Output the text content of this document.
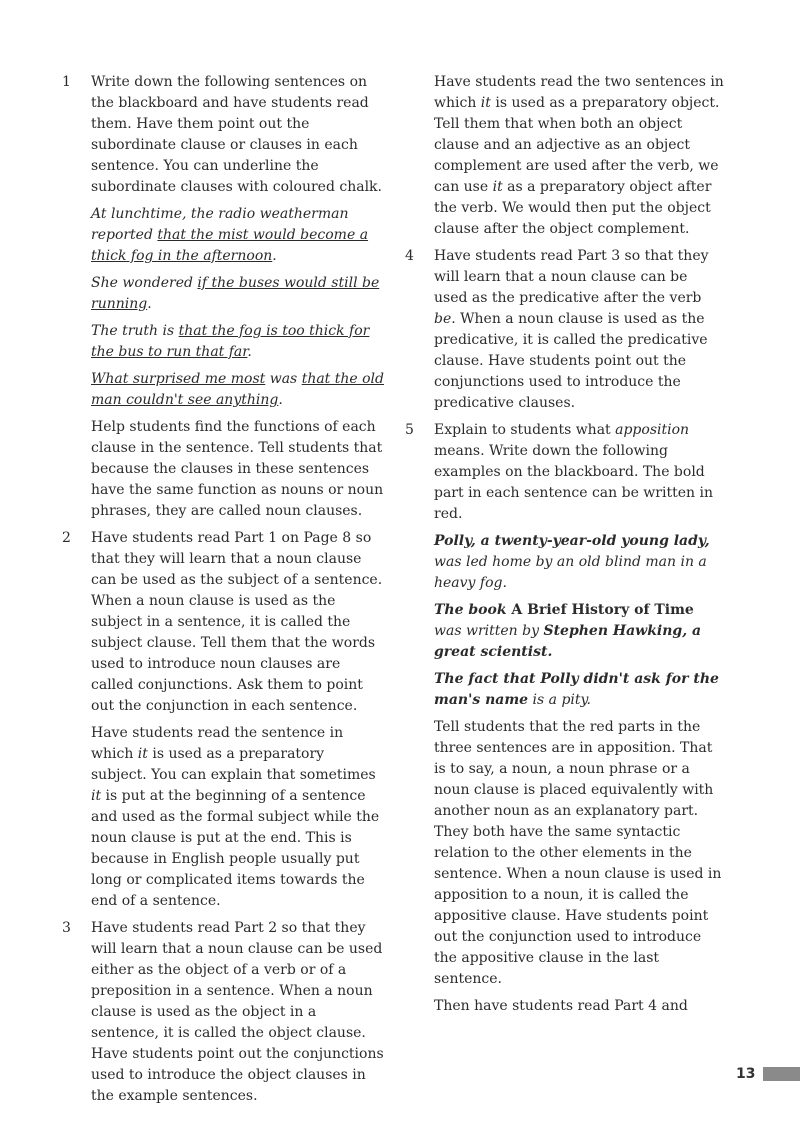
1 Write down the following sentences on the blackboard and have students read them. Have them point out the subordinate clause or clauses in each sentence. You can underline the subordinate clauses with coloured chalk.

At lunchtime, the radio weatherman reported that the mist would become a thick fog in the afternoon.

She wondered if the buses would still be running.

The truth is that the fog is too thick for the bus to run that far.

What surprised me most was that the old man couldn't see anything.

Help students find the functions of each clause in the sentence. Tell students that because the clauses in these sentences have the same function as nouns or noun phrases, they are called noun clauses.

2 Have students read Part 1 on Page 8 so that they will learn that a noun clause can be used as the subject of a sentence. When a noun clause is used as the subject in a sentence, it is called the subject clause. Tell them that the words used to introduce noun clauses are called conjunctions. Ask them to point out the conjunction in each sentence.

Have students read the sentence in which it is used as a preparatory subject. You can explain that sometimes it is put at the beginning of a sentence and used as the formal subject while the noun clause is put at the end. This is because in English people usually put long or complicated items towards the end of a sentence.

3 Have students read Part 2 so that they will learn that a noun clause can be used either as the object of a verb or of a preposition in a sentence. When a noun clause is used as the object in a sentence, it is called the object clause. Have students point out the conjunctions used to introduce the object clauses in the example sentences.

Have students read the two sentences in which it is used as a preparatory object. Tell them that when both an object clause and an adjective as an object complement are used after the verb, we can use it as a preparatory object after the verb. We would then put the object clause after the object complement.

4 Have students read Part 3 so that they will learn that a noun clause can be used as the predicative after the verb be. When a noun clause is used as the predicative, it is called the predicative clause. Have students point out the conjunctions used to introduce the predicative clauses.

5 Explain to students what apposition means. Write down the following examples on the blackboard. The bold part in each sentence can be written in red.

Polly, a twenty-year-old young lady, was led home by an old blind man in a heavy fog.

The book A Brief History of Time was written by Stephen Hawking, a great scientist.

The fact that Polly didn't ask for the man's name is a pity.

Tell students that the red parts in the three sentences are in apposition. That is to say, a noun, a noun phrase or a noun clause is placed equivalently with another noun as an explanatory part. They both have the same syntactic relation to the other elements in the sentence. When a noun clause is used in apposition to a noun, it is called the appositive clause. Have students point out the conjunction used to introduce the appositive clause in the last sentence.

Then have students read Part 4 and

13
